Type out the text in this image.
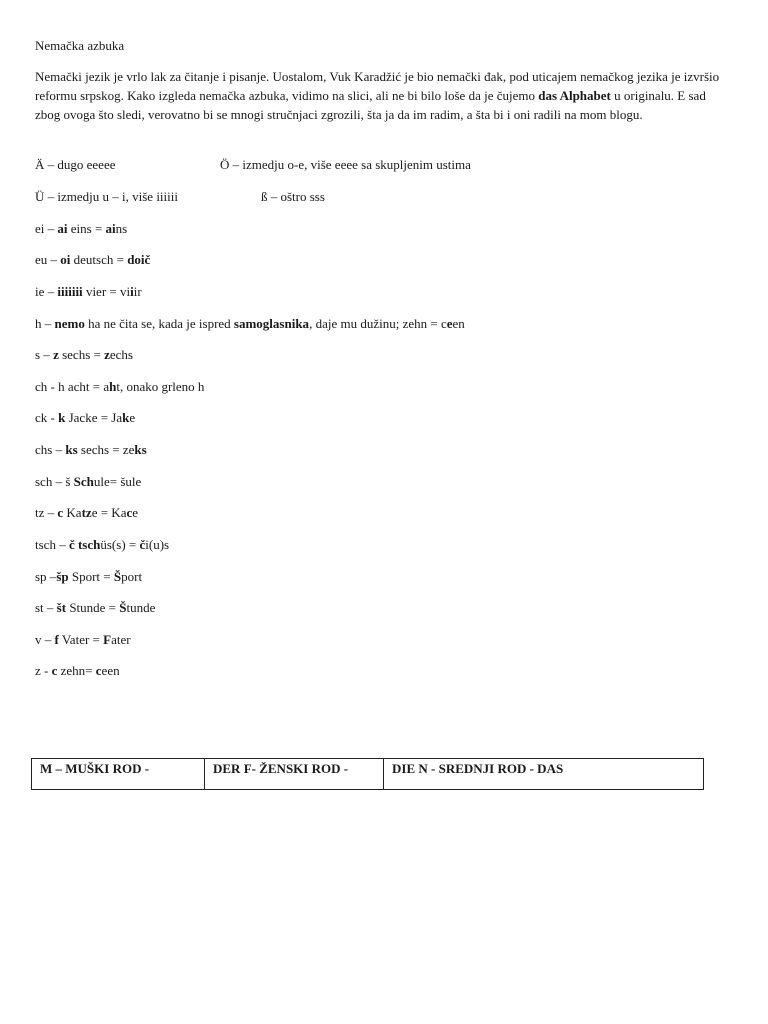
Nemačka azbuka
Nemački jezik je vrlo lak za čitanje i pisanje. Uostalom, Vuk Karadžić je bio nemački đak, pod uticajem nemačkog jezika je izvršio reformu srpskog. Kako izgleda nemačka azbuka, vidimo na slici, ali ne bi bilo loše da je čujemo das Alphabet u originalu. E sad zbog ovoga što sledi, verovatno bi se mnogi stručnjaci zgrozili, šta ja da im radim, a šta bi i oni radili na mom blogu.
Ä – dugo eeeee	Ö – izmedju o-e, više eeee sa skupljenim ustima
Ü – izmedju u – i, više iiiiii	ß – oštro sss
ei – ai eins = ains
eu – oi deutsch = doič
ie – iiiiiii vier = viiir
h – nemo ha ne čita se, kada je ispred samoglasnika, daje mu dužinu; zehn = ceen
s – z sechs = zechs
ch - h acht = aht, onako grleno h
ck - k Jacke = Jake
chs – ks sechs = zeks
sch – š Schule= šule
tz – c Katze = Kace
tsch – č tschüs(s) = či(u)s
sp –šp Sport = Šport
st – št Stunde = Štunde
v – f Vater = Fater
z - c zehn= ceen
M – MUŠKI ROD -	DER F- ŽENSKI ROD -	DIE N - SREDNJI ROD - DAS
